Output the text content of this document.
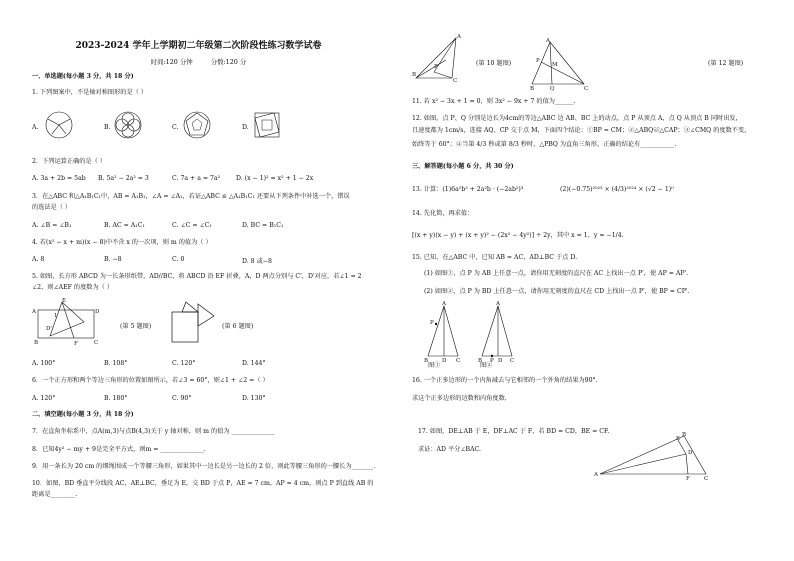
2023-2024 学年上学期初二年级第二次阶段性练习数学试卷
时间:120 分钟	分数:120 分
一、单选题(每小题 3 分，共 18 分)
1. 下列图案中，不是轴对称图形的是（ ）
A.	B.	C.	D.
2．下列运算正确的是（ ）
A. 3a + 2b = 5ab B. 5a² − 2a² = 3	C. 7a + a = 7a²	D. (x − 1)² = x² + 1 − 2x
3．在△ABC 和△A₁B₁C₁中，AB = A₁B₁，∠A = ∠A₁，若证△ABC ≌ △A₁B₁C₁ 还要从下列条件中补选一个，错误
的选法是（ ）
A. ∠B = ∠B₁	B. AC = A₁C₁	C. ∠C = ∠C₁	D. BC = B₁C₁
4. 若(x² − x + m)(x − 8)中不含 x 的一次项，则 m 的值为（ ）
A. 8	B. −8	C. 0	D. 8 或−8
5. 如图，长方形 ABCD 为一长条形纸带，AD//BC，将 ABCD 沿 EF 折叠，A，D 两点分别与 C'，D'对应，若∠1 = 2
∠2，则∠AEF 的度数为（ ）
A
E
D
B	F	C
1
D'	(第 5 题图)	(第 6 题图)
A. 100°	B. 108°	C. 120°	D. 144°
6．一个正方形和两个等边三角形的位置如图所示，若∠3 = 60°，则∠1 + ∠2 =（ ）
A. 120°	B. 180°	C. 90°	D. 130°
二、填空题(每小题 3 分，共 18 分)
7．在直角坐标系中，点A(m,3)与点B(4,3)关于 y 轴对称，则 m 的值为 ______________
8．已知4y² − my + 9是完全平方式，则m = ______________.
9．用一条长为 20 cm 的细绳围成一个等腰三角形，如果其中一边长是另一边长的 2 倍，则此等腰三角形的一腰长为_______.
10．如图，BD 垂直平分线段 AC，AE⊥BC，垂足为 E，交 BD 于点 P，AE = 7 cm，AP = 4 cm，则点 P 到直线 AB 的
距离是________.
A
B
C
P	(第 10 题图)
A
P
M
B	Q	C
(第 12 题图)
11. 若 x² − 3x + 1 = 0，则 3x² − 9x + 7 的值为______.
12. 如图，点 P、Q 分别是边长为4cm的等边△ABC 边 AB、BC 上的动点，点 P 从顶点 A，点 Q 从顶点 B 同时出发，
且速度都为 1cm/s，连接 AQ、CP 交于点 M，下面四个结论：①BP = CM；②△ABQ≌△CAP；③∠CMQ 的度数不变，
始终等于 60°；④当第 4/3 秒或第 8/3 秒时，△PBQ 为直角三角形，正确的结论有___________.
三、解答题(每小题 6 分，共 30 分)
13. 计算：(1)6a²b² + 2a²b · (−2ab²)³	(2)(−0.75)²⁰²³ × (4/3)²⁰²⁴ × (√2 − 1)⁰
14. 先化简，再求值：
[(x + y)(x − y) + (x + y)² − (2x² − 4y²)] ÷ 2y，其中 x = 1，y = −1/4.
15. 已知，在△ABC 中，已知 AB = AC，AD⊥BC 于点 D.
(1) 如图①，点 P 为 AB 上任意一点，请你用无刻度的直尺在 AC 上找出一点 P'，使 AP = AP'.
(2) 如图②，点 P 为 BD 上任意一点，请你用无刻度的直尺在 CD 上找出一点 P'，使 BP = CP'.
A
P
B	D C
A
B P D C
图①	图②
16. 一个正多边形的一个内角减去与它相邻的一个外角的结果为90°.
求这个正多边形的边数和内角度数.
17. 如图，DE⊥AB 于 E，DF⊥AC 于 F，若 BD = CD，BE = CF.
求证：AD 平分∠BAC.
A
B
E
D
F	C
